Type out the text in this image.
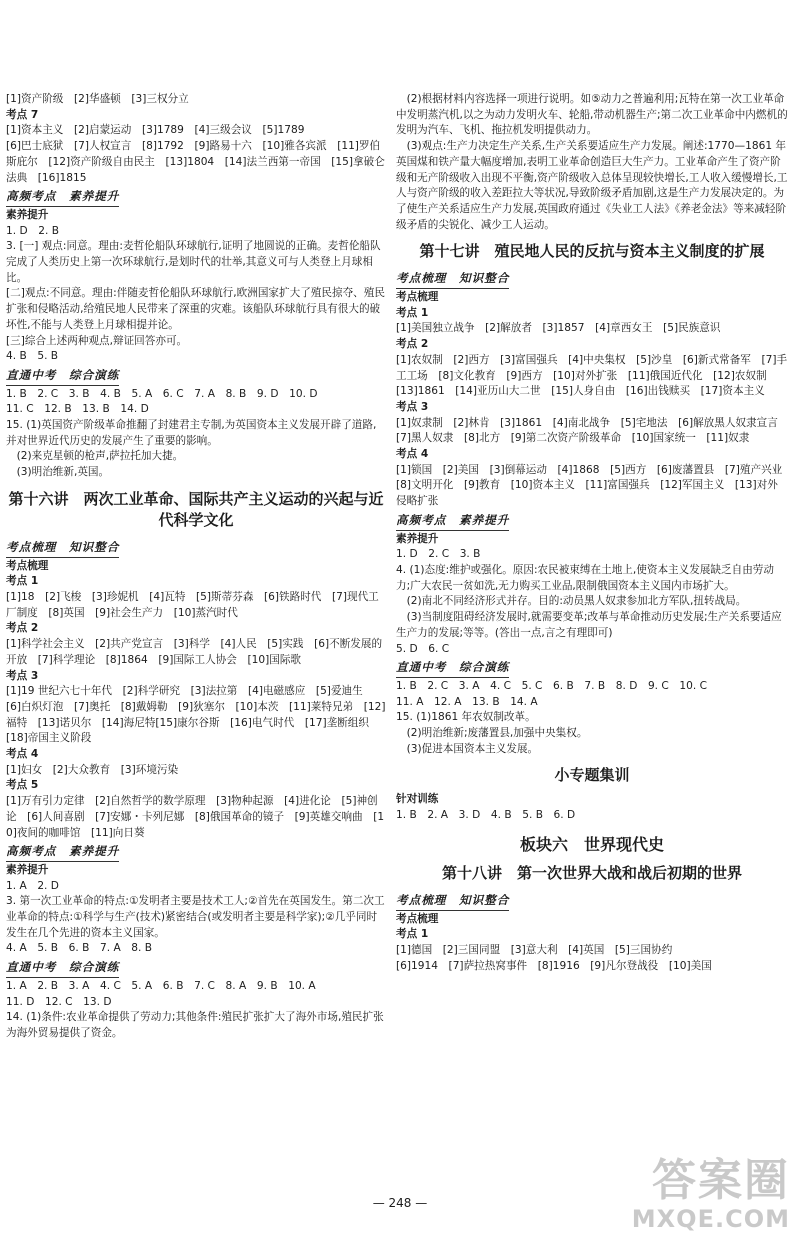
[1]资产阶级　[2]华盛顿　[3]三权分立

考点 7

[1]资本主义　[2]启蒙运动　[3]1789　[4]三级会议　[5]1789

[6]巴士底狱　[7]人权宣言　[8]1792　[9]路易十六　[10]雅各宾派　[11]罗伯斯庇尔　[12]资产阶级自由民主　[13]1804　[14]法兰西第一帝国　[15]拿破仑法典　[16]1815

高频考点　素养提升

素养提升

1. D　2. B

3. [一] 观点:同意。理由:麦哲伦船队环球航行,证明了地圆说的正确。麦哲伦船队完成了人类历史上第一次环球航行,是划时代的壮举,其意义可与人类登上月球相比。

[二]观点:不同意。理由:伴随麦哲伦船队环球航行,欧洲国家扩大了殖民掠夺、殖民扩张和侵略活动,给殖民地人民带来了深重的灾难。该船队环球航行具有很大的破坏性,不能与人类登上月球相提并论。

[三]综合上述两种观点,辩证回答亦可。

4. B　5. B

直通中考　综合演练

1. B　2. C　3. B　4. B　5. A　6. C　7. A　8. B　9. D　10. D

11. C　12. B　13. B　14. D

15. (1)英国资产阶级革命推翻了封建君主专制,为英国资本主义发展开辟了道路,并对世界近代历史的发展产生了重要的影响。

　(2)来克星顿的枪声,萨拉托加大捷。

　(3)明治维新,英国。

第十六讲　两次工业革命、国际共产主义运动的兴起与近代科学文化

考点梳理　知识整合

考点梳理

考点 1

[1]18　[2]飞梭　[3]珍妮机　[4]瓦特　[5]斯蒂芬森　[6]铁路时代　[7]现代工厂制度　[8]英国　[9]社会生产力　[10]蒸汽时代

考点 2

[1]科学社会主义　[2]共产党宣言　[3]科学　[4]人民　[5]实践　[6]不断发展的开放　[7]科学理论　[8]1864　[9]国际工人协会　[10]国际歌

考点 3

[1]19 世纪六七十年代　[2]科学研究　[3]法拉第　[4]电磁感应　[5]爱迪生　[6]白炽灯泡　[7]奥托　[8]戴姆勒　[9]狄塞尔　[10]本茨　[11]莱特兄弟　[12]福特　[13]诺贝尔　[14]海尼特[15]康尔谷斯　[16]电气时代　[17]垄断组织　[18]帝国主义阶段

考点 4

[1]妇女　[2]大众教育　[3]环境污染

考点 5

[1]万有引力定律　[2]自然哲学的数学原理　[3]物种起源　[4]进化论　[5]神创论　[6]人间喜剧　[7]安娜・卡列尼娜　[8]俄国革命的镜子　[9]英雄交响曲　[10]夜间的咖啡馆　[11]向日葵

高频考点　素养提升

素养提升

1. A　2. D

3. 第一次工业革命的特点:①发明者主要是技术工人;②首先在英国发生。第二次工业革命的特点:①科学与生产(技术)紧密结合(或发明者主要是科学家);②几乎同时发生在几个先进的资本主义国家。

4. A　5. B　6. B　7. A　8. B

直通中考　综合演练

1. A　2. B　3. A　4. C　5. A　6. B　7. C　8. A　9. B　10. A

11. D　12. C　13. D

14. (1)条件:农业革命提供了劳动力;其他条件:殖民扩张扩大了海外市场,殖民扩张为海外贸易提供了资金。

　(2)根据材料内容选择一项进行说明。如⑤动力之普遍利用;瓦特在第一次工业革命中发明蒸汽机,以之为动力发明火车、轮船,带动机器生产;第二次工业革命中内燃机的发明为汽车、飞机、拖拉机发明提供动力。

　(3)观点:生产力决定生产关系,生产关系要适应生产力发展。阐述:1770—1861 年英国煤和铁产量大幅度增加,表明工业革命创造巨大生产力。工业革命产生了资产阶级和无产阶级收入出现不平衡,资产阶级收入总体呈现较快增长,工人收入缓慢增长,工人与资产阶级的收入差距拉大等状况,导致阶级矛盾加剧,这是生产力发展决定的。为了使生产关系适应生产力发展,英国政府通过《失业工人法》《养老金法》等来减轻阶级矛盾的尖锐化、减少工人运动。

第十七讲　殖民地人民的反抗与资本主义制度的扩展

考点梳理　知识整合

考点梳理

考点 1

[1]美国独立战争　[2]解放者　[3]1857　[4]章西女王　[5]民族意识

考点 2

[1]农奴制　[2]西方　[3]富国强兵　[4]中央集权　[5]沙皇　[6]新式常备军　[7]手工工场　[8]文化教育　[9]西方　[10]对外扩张　[11]俄国近代化　[12]农奴制　[13]1861　[14]亚历山大二世　[15]人身自由　[16]出钱赎买　[17]资本主义

考点 3

[1]奴隶制　[2]林肯　[3]1861　[4]南北战争　[5]宅地法　[6]解放黑人奴隶宣言　[7]黑人奴隶　[8]北方　[9]第二次资产阶级革命　[10]国家统一　[11]奴隶

考点 4

[1]锁国　[2]美国　[3]倒幕运动　[4]1868　[5]西方　[6]废藩置县　[7]殖产兴业　[8]文明开化　[9]教育　[10]资本主义　[11]富国强兵　[12]军国主义　[13]对外侵略扩张

高频考点　素养提升

素养提升

1. D　2. C　3. B

4. (1)态度:维护或强化。原因:农民被束缚在土地上,使资本主义发展缺乏自由劳动力;广大农民一贫如洗,无力购买工业品,限制俄国资本主义国内市场扩大。

　(2)南北不同经济形式并存。目的:动员黑人奴隶参加北方军队,扭转战局。

　(3)当制度阻碍经济发展时,就需要变革;改革与革命推动历史发展;生产关系要适应生产力的发展;等等。(答出一点,言之有理即可)

5. D　6. C

直通中考　综合演练

1. B　2. C　3. A　4. C　5. C　6. B　7. B　8. D　9. C　10. C

11. A　12. A　13. B　14. A

15. (1)1861 年农奴制改革。

　(2)明治维新;废藩置县,加强中央集权。

　(3)促进本国资本主义发展。

小专题集训

针对训练

1. B　2. A　3. D　4. B　5. B　6. D

板块六　世界现代史
第十八讲　第一次世界大战和战后初期的世界

考点梳理　知识整合

考点梳理

考点 1

[1]德国　[2]三国同盟　[3]意大利　[4]英国　[5]三国协约

[6]1914　[7]萨拉热窝事件　[8]1916　[9]凡尔登战役　[10]美国

— 248 —	答案圈
MXQE.COM
